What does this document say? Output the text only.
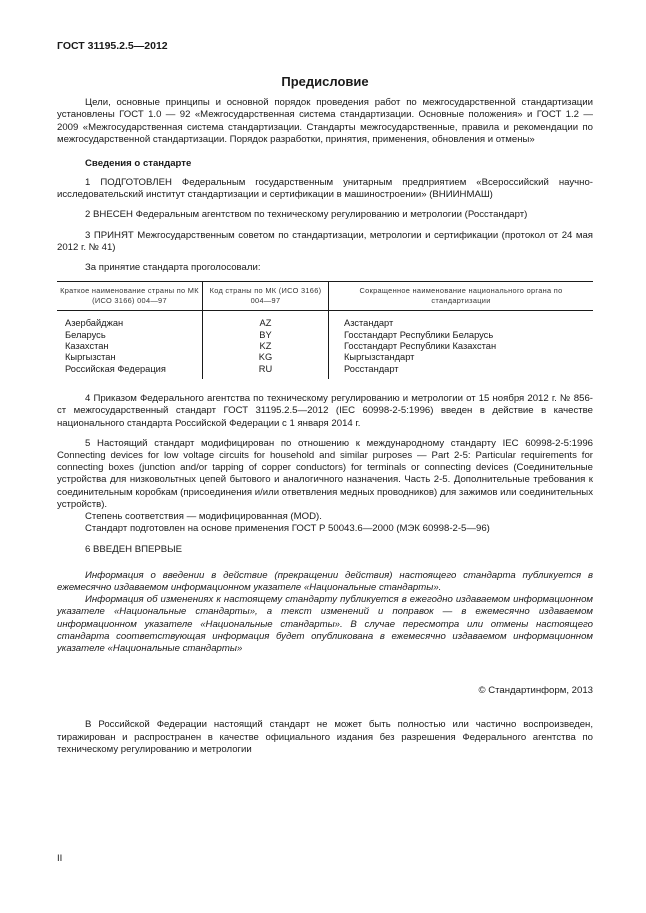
ГОСТ 31195.2.5—2012

Предисловие

Цели, основные принципы и основной порядок проведения работ по межгосударственной стандартизации установлены ГОСТ 1.0 — 92 «Межгосударственная система стандартизации. Основные положения» и ГОСТ 1.2 — 2009 «Межгосударственная система стандартизации. Стандарты межгосударственные, правила и рекомендации по межгосударственной стандартизации. Порядок разработки, принятия, применения, обновления и отмены»

Сведения о стандарте

1 ПОДГОТОВЛЕН Федеральным государственным унитарным предприятием «Всероссийский научно-исследовательский институт стандартизации и сертификации в машиностроении» (ВНИИНМАШ)

2 ВНЕСЕН Федеральным агентством по техническому регулированию и метрологии (Росстандарт)

3 ПРИНЯТ Межгосударственным советом по стандартизации, метрологии и сертификации (протокол от 24 мая 2012 г. № 41)

За принятие стандарта проголосовали:

Краткое наименование страны по МК (ИСО 3166) 004—97	Код страны по МК (ИСО 3166) 004—97	Сокращенное наименование национального органа по стандартизации
Азербайджан	AZ	Азстандарт
Беларусь	BY	Госстандарт Республики Беларусь
Казахстан	KZ	Госстандарт Республики Казахстан
Кыргызстан	KG	Кыргызстандарт
Российская Федерация	RU	Росстандарт

4 Приказом Федерального агентства по техническому регулированию и метрологии от 15 ноября 2012 г. № 856-ст межгосударственный стандарт ГОСТ 31195.2.5—2012 (IEC 60998-2-5:1996) введен в действие в качестве национального стандарта Российской Федерации с 1 января 2014 г.

5 Настоящий стандарт модифицирован по отношению к международному стандарту IEC 60998-2-5:1996 Connecting devices for low voltage circuits for household and similar purposes — Part 2-5: Particular requirements for connecting boxes (junction and/or tapping of copper conductors) for terminals or connecting devices (Соединительные устройства для низковольтных цепей бытового и аналогичного назначения. Часть 2-5. Дополнительные требования к соединительным коробкам (присоединения и/или ответвления медных проводников) для зажимов или соединительных устройств).

Степень соответствия — модифицированная (MOD).

Стандарт подготовлен на основе применения ГОСТ Р 50043.6—2000 (МЭК 60998-2-5—96)

6 ВВЕДЕН ВПЕРВЫЕ

Информация о введении в действие (прекращении действия) настоящего стандарта публикуется в ежемесячно издаваемом информационном указателе «Национальные стандарты».

Информация об изменениях к настоящему стандарту публикуется в ежегодно издаваемом информационном указателе «Национальные стандарты», а текст изменений и поправок — в ежемесячно издаваемом информационном указателе «Национальные стандарты». В случае пересмотра или отмены настоящего стандарта соответствующая информация будет опубликована в ежемесячно издаваемом информационном указателе «Национальные стандарты»

© Стандартинформ, 2013

В Российской Федерации настоящий стандарт не может быть полностью или частично воспроизведен, тиражирован и распространен в качестве официального издания без разрешения Федерального агентства по техническому регулированию и метрологии

II
